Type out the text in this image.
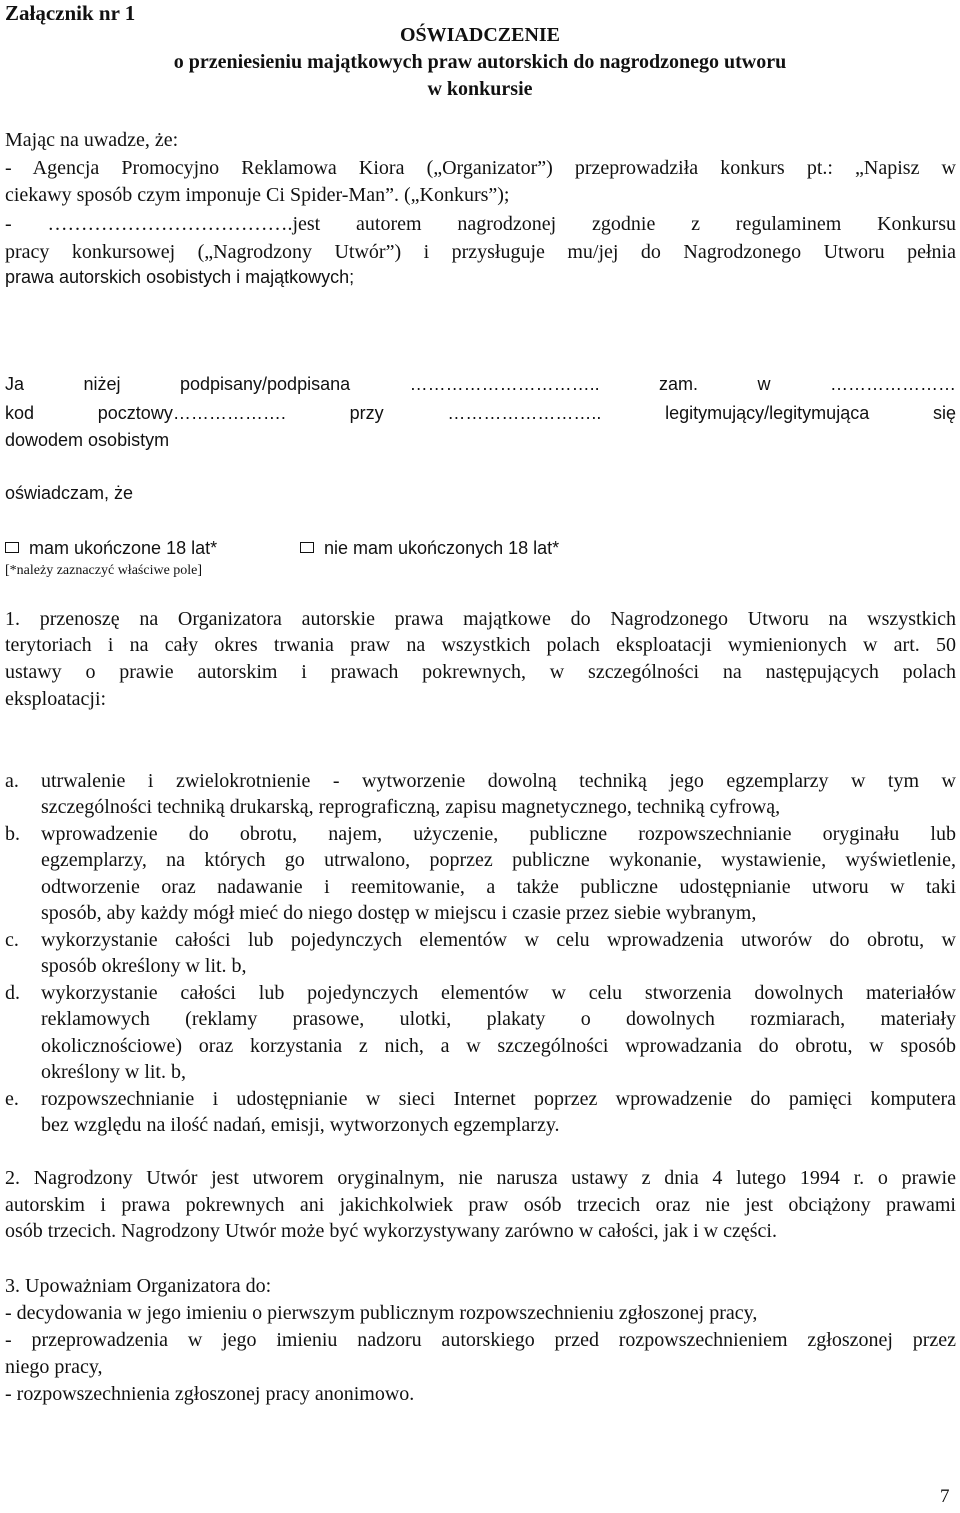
Załącznik nr 1
OŚWIADCZENIE
o przeniesieniu majątkowych praw autorskich do nagrodzonego utworu
w konkursie
Mając na uwadze, że:
- Agencja Promocyjno Reklamowa Kiora („Organizator”) przeprowadziła konkurs pt.: „Napisz w
ciekawy sposób czym imponuje Ci Spider-Man”. („Konkurs”);
- ……………………………….jest autorem nagrodzonej zgodnie z regulaminem Konkursu
pracy konkursowej („Nagrodzony Utwór”) i przysługuje mu/jej do Nagrodzonego Utworu pełnia
prawa autorskich osobistych i majątkowych;
Ja niżej podpisany/podpisana ………………………….. zam. w …………………
kod pocztowy………………. przy …………………….. legitymujący/legitymująca się
dowodem osobistym
oświadczam, że
mam ukończone 18 lat*	nie mam ukończonych 18 lat*
[*należy zaznaczyć właściwe pole]
1. przenoszę na Organizatora autorskie prawa majątkowe do Nagrodzonego Utworu na wszystkich
terytoriach i na cały okres trwania praw na wszystkich polach eksploatacji wymienionych w art. 50
ustawy o prawie autorskim i prawach pokrewnych, w szczególności na następujących polach
eksploatacji:
a. utrwalenie i zwielokrotnienie - wytworzenie dowolną techniką jego egzemplarzy w tym w
szczególności techniką drukarską, reprograficzną, zapisu magnetycznego, techniką cyfrową,
b. wprowadzenie do obrotu, najem, użyczenie, publiczne rozpowszechnianie oryginału lub
egzemplarzy, na których go utrwalono, poprzez publiczne wykonanie, wystawienie, wyświetlenie,
odtworzenie oraz nadawanie i reemitowanie, a także publiczne udostępnianie utworu w taki
sposób, aby każdy mógł mieć do niego dostęp w miejscu i czasie przez siebie wybranym,
c. wykorzystanie całości lub pojedynczych elementów w celu wprowadzenia utworów do obrotu, w
sposób określony w lit. b,
d. wykorzystanie całości lub pojedynczych elementów w celu stworzenia dowolnych materiałów
reklamowych (reklamy prasowe, ulotki, plakaty o dowolnych rozmiarach, materiały
okolicznościowe) oraz korzystania z nich, a w szczególności wprowadzania do obrotu, w sposób
określony w lit. b,
e. rozpowszechnianie i udostępnianie w sieci Internet poprzez wprowadzenie do pamięci komputera
bez względu na ilość nadań, emisji, wytworzonych egzemplarzy.
2. Nagrodzony Utwór jest utworem oryginalnym, nie narusza ustawy z dnia 4 lutego 1994 r. o prawie
autorskim i prawa pokrewnych ani jakichkolwiek praw osób trzecich oraz nie jest obciążony prawami
osób trzecich. Nagrodzony Utwór może być wykorzystywany zarówno w całości, jak i w części.
3. Upoważniam Organizatora do:
- decydowania w jego imieniu o pierwszym publicznym rozpowszechnieniu zgłoszonej pracy,
- przeprowadzenia w jego imieniu nadzoru autorskiego przed rozpowszechnieniem zgłoszonej przez
niego pracy,
- rozpowszechnienia zgłoszonej pracy anonimowo.
7
